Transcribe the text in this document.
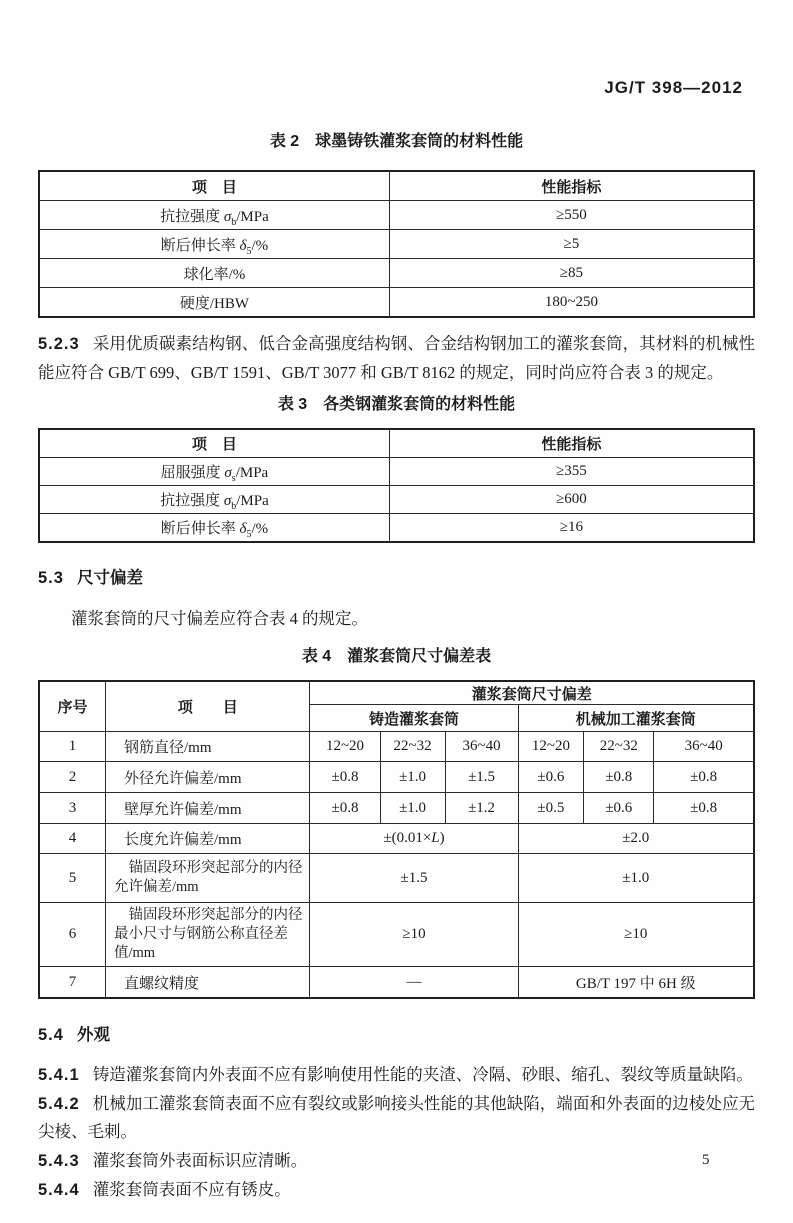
JG/T 398—2012
表 2　球墨铸铁灌浆套筒的材料性能
项　目	性能指标
抗拉强度 $\sigma_b$/MPa	≥550
断后伸长率 $\delta_5/\%$	≥5
球化率/%	≥85
硬度/HBW	180~250

5.2.3 采用优质碳素结构钢、低合金高强度结构钢、合金结构钢加工的灌浆套筒，其材料的机械性能应符合 GB/T 699、GB/T 1591、GB/T 3077 和 GB/T 8162 的规定，同时尚应符合表 3 的规定。

表 3　各类钢灌浆套筒的材料性能
项　目	性能指标
屈服强度 $\sigma_s$/MPa	≥355
抗拉强度 $\sigma_b$/MPa	≥600
断后伸长率 $\delta_5/\%$	≥16
5.3 尺寸偏差

灌浆套筒的尺寸偏差应符合表 4 的规定。

表 4　灌浆套筒尺寸偏差表
序号	项　　目	灌浆套筒尺寸偏差					
		铸造灌浆套筒			机械加工灌浆套筒		
1	钢筋直径/mm	12~20	22~32	36~40	12~20	22~32	36~40
2	外径允许偏差/mm	±0.8	±1.0	±1.5	±0.6	±0.8	±0.8
3	壁厚允许偏差/mm	±0.8	±1.0	±1.2	±0.5	±0.6	±0.8
4	长度允许偏差/mm	±(0.01×L)			±2.0		
5	锚固段环形突起部分的内径允许偏差/mm	±1.5			±1.0		
6	锚固段环形突起部分的内径最小尺寸与钢筋公称直径差值/mm	≥10			≥10		
7	直螺纹精度	—			GB/T 197 中 6H 级		
5.4 外观

5.4.1 铸造灌浆套筒内外表面不应有影响使用性能的夹渣、冷隔、砂眼、缩孔、裂纹等质量缺陷。

5.4.2 机械加工灌浆套筒表面不应有裂纹或影响接头性能的其他缺陷，端面和外表面的边棱处应无尖棱、毛刺。

5.4.3 灌浆套筒外表面标识应清晰。

5.4.4 灌浆套筒表面不应有锈皮。

5
